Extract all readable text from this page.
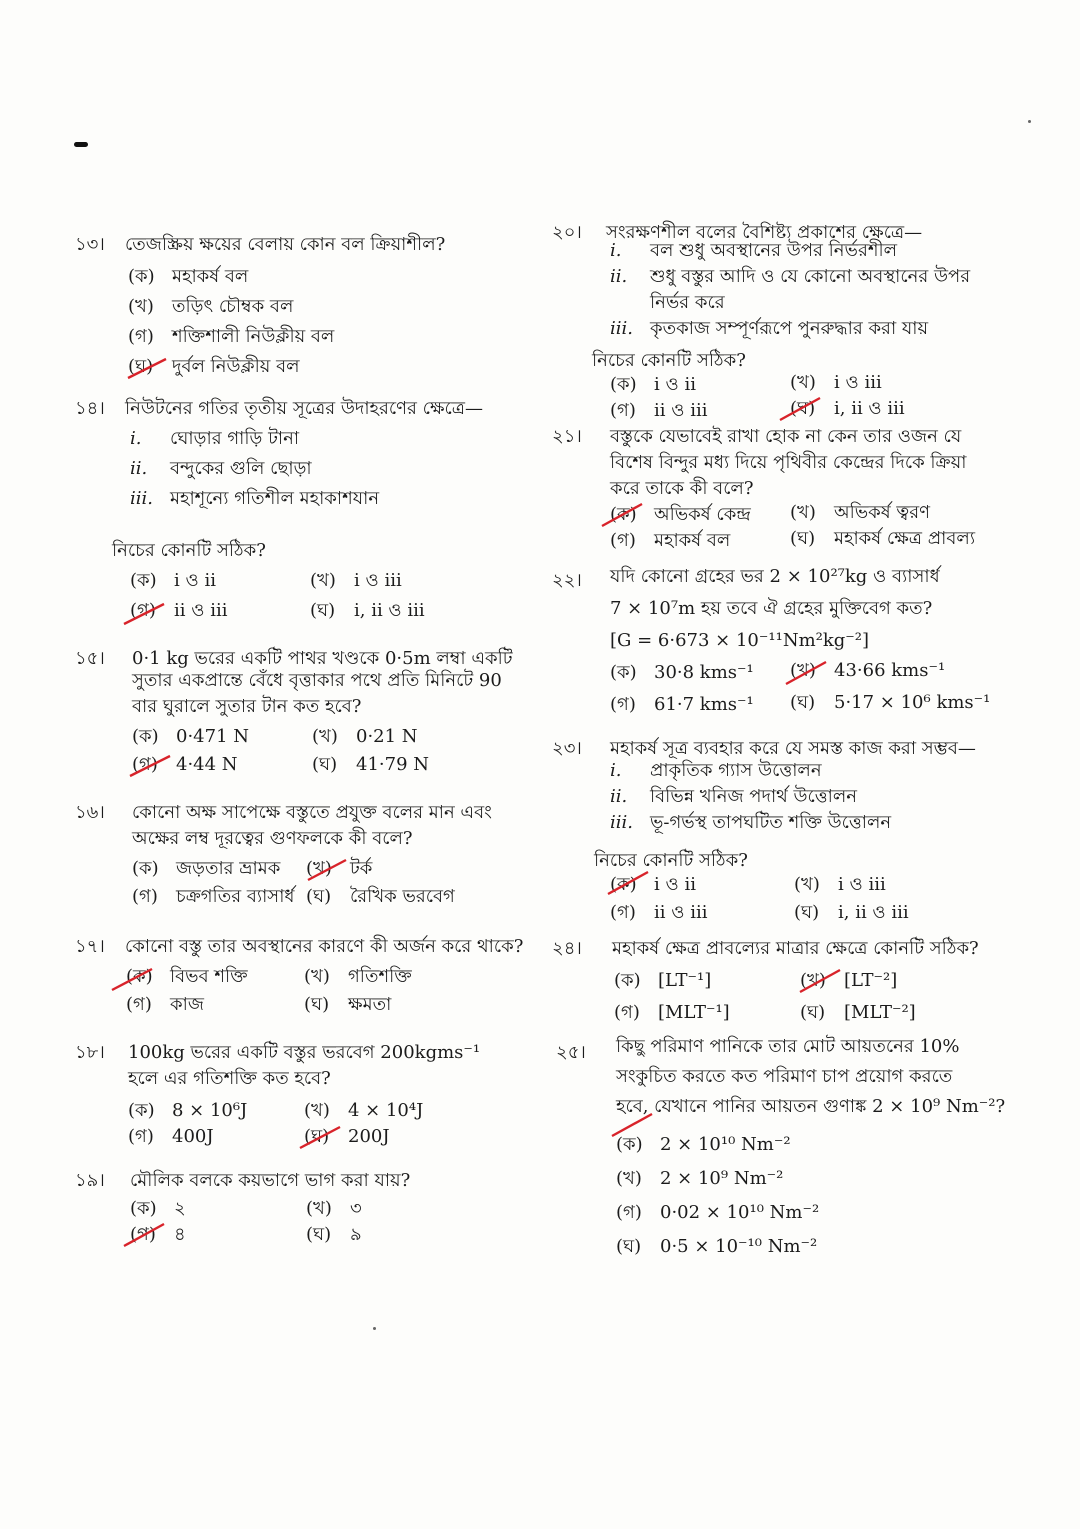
১৩। তেজস্ক্রিয় ক্ষয়ের বেলায় কোন বল ক্রিয়াশীল?
(ক) মহাকর্ষ বল
(খ) তড়িৎ চৌম্বক বল
(গ) শক্তিশালী নিউক্লীয় বল
(ঘ) দুর্বল নিউক্লীয় বল
১৪। নিউটনের গতির তৃতীয় সূত্রের উদাহরণের ক্ষেত্রে—
i. ঘোড়ার গাড়ি টানা
ii. বন্দুকের গুলি ছোড়া
iii. মহাশূন্যে গতিশীল মহাকাশযান
নিচের কোনটি সঠিক?
(ক) i ও ii	(খ) i ও iii
(গ) ii ও iii	(ঘ) i, ii ও iii
১৫। 0·1 kg ভরের একটি পাথর খণ্ডকে 0·5m লম্বা একটি
সুতার একপ্রান্তে বেঁধে বৃত্তাকার পথে প্রতি মিনিটে 90
বার ঘুরালে সুতার টান কত হবে?
(ক) 0·471 N	(খ) 0·21 N
(গ) 4·44 N	(ঘ) 41·79 N
১৬। কোনো অক্ষ সাপেক্ষে বস্তুতে প্রযুক্ত বলের মান এবং
অক্ষের লম্ব দূরত্বের গুণফলকে কী বলে?
(ক) জড়তার ভ্রামক (খ) টর্ক
(গ) চক্রগতির ব্যাসার্ধ (ঘ) রৈখিক ভরবেগ
১৭। কোনো বস্তু তার অবস্থানের কারণে কী অর্জন করে থাকে?
(ক) বিভব শক্তি	(খ) গতিশক্তি
(গ) কাজ	(ঘ) ক্ষমতা
১৮। 100kg ভরের একটি বস্তুর ভরবেগ 200kgms⁻¹
হলে এর গতিশক্তি কত হবে?
(ক) 8 × 10⁶J	(খ) 4 × 10⁴J
(গ) 400J	(ঘ) 200J
১৯। মৌলিক বলকে কয়ভাগে ভাগ করা যায়?
(ক) ২	(খ) ৩
(গ) ৪	(ঘ) ৯
২০। সংরক্ষণশীল বলের বৈশিষ্ট্য প্রকাশের ক্ষেত্রে—
i. বল শুধু অবস্থানের উপর নির্ভরশীল
ii. শুধু বস্তুর আদি ও যে কোনো অবস্থানের উপর
নির্ভর করে
iii. কৃতকাজ সম্পূর্ণরূপে পুনরুদ্ধার করা যায়
নিচের কোনটি সঠিক?
(ক) i ও ii	(খ) i ও iii
(গ) ii ও iii	(ঘ) i, ii ও iii
২১। বস্তুকে যেভাবেই রাখা হোক না কেন তার ওজন যে
বিশেষ বিন্দুর মধ্য দিয়ে পৃথিবীর কেন্দ্রের দিকে ক্রিয়া
করে তাকে কী বলে?
(ক) অভিকর্ষ কেন্দ্র (খ) অভিকর্ষ ত্বরণ
(গ) মহাকর্ষ বল	(ঘ) মহাকর্ষ ক্ষেত্র প্রাবল্য
২২। যদি কোনো গ্রহের ভর 2 × 10²⁷kg ও ব্যাসার্ধ
7 × 10⁷m হয় তবে ঐ গ্রহের মুক্তিবেগ কত?
[G = 6·673 × 10⁻¹¹Nm²kg⁻²]
(ক) 30·8 kms⁻¹ (খ) 43·66 kms⁻¹
(গ) 61·7 kms⁻¹ (ঘ) 5·17 × 10⁶ kms⁻¹
২৩। মহাকর্ষ সূত্র ব্যবহার করে যে সমস্ত কাজ করা সম্ভব—
i. প্রাকৃতিক গ্যাস উত্তোলন
ii. বিভিন্ন খনিজ পদার্থ উত্তোলন
iii. ভূ-গর্ভস্থ তাপঘটিত শক্তি উত্তোলন
নিচের কোনটি সঠিক?
(ক) i ও ii	(খ) i ও iii
(গ) ii ও iii	(ঘ) i, ii ও iii
২৪। মহাকর্ষ ক্ষেত্র প্রাবল্যের মাত্রার ক্ষেত্রে কোনটি সঠিক?
(ক) [LT⁻¹]	(খ) [LT⁻²]
(গ) [MLT⁻¹]	(ঘ) [MLT⁻²]
২৫। কিছু পরিমাণ পানিকে তার মোট আয়তনের 10%
সংকুচিত করতে কত পরিমাণ চাপ প্রয়োগ করতে
হবে, যেখানে পানির আয়তন গুণাঙ্ক 2 × 10⁹ Nm⁻²?
(ক) 2 × 10¹⁰ Nm⁻²
(খ) 2 × 10⁹ Nm⁻²
(গ) 0·02 × 10¹⁰ Nm⁻²
(ঘ) 0·5 × 10⁻¹⁰ Nm⁻²
